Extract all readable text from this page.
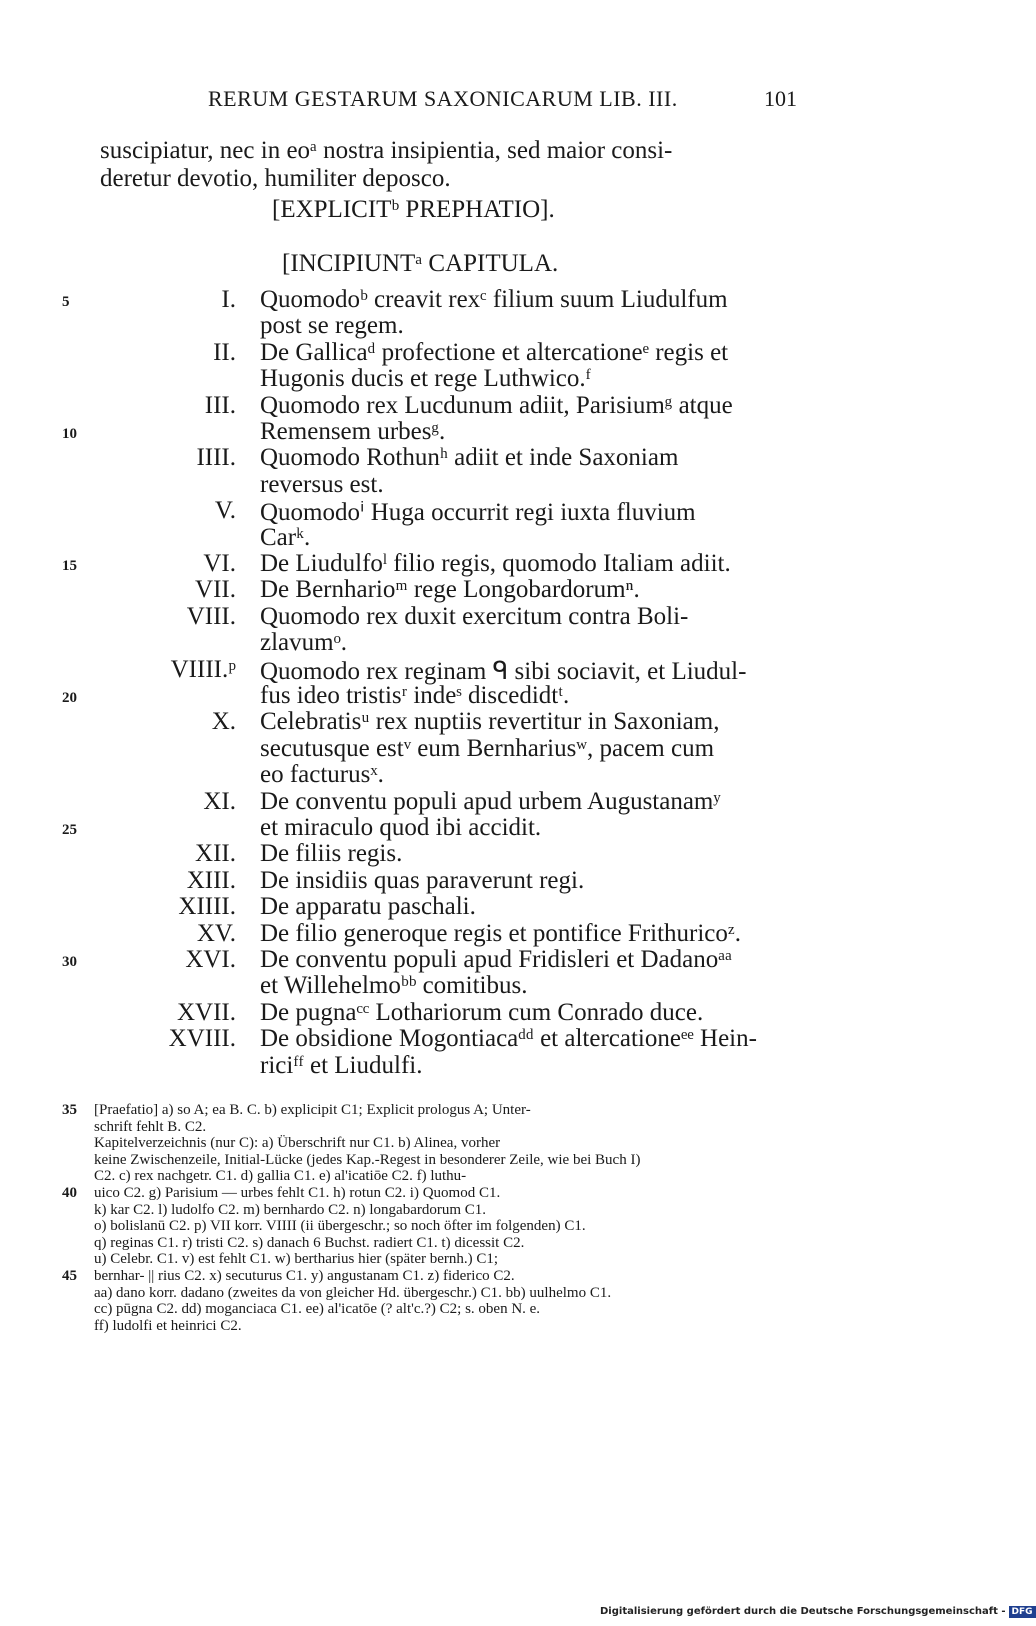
RERUM GESTARUM SAXONICARUM LIB. III.	101
suscipiatur, nec in eoᵃ nostra insipientia, sed maior consi-
deretur devotio, humiliter deposco.
[EXPLICITᵇ PREPHATIO].
[INCIPIUNTᵃ CAPITULA.
5	I. Quomodoᵇ creavit rexᶜ filium suum Liudulfum
post se regem.
II. De Gallicaᵈ profectione et altercationeᵉ regis et
Hugonis ducis et rege Luthwico.ᶠ
III. Quomodo rex Lucdunum adiit, Parisiumᵍ atque
10	Remensem urbesᵍ.
IIII. Quomodo Rothunʰ adiit et inde Saxoniam
reversus est.
V. Quomodoⁱ Huga occurrit regi iuxta fluvium
Carᵏ.
15	VI. De Liudulfoˡ filio regis, quomodo Italiam adiit.
VII. De Bernharioᵐ rege Longobardorumⁿ.
VIII. Quomodo rex duxit exercitum contra Boli-
zlavumᵒ.
VIIII.ᵖ Quomodo rex reginam ᑫ sibi sociavit, et Liudul-
20	fus ideo tristisʳ indeˢ discedidtᵗ.
X. Celebratisᵘ rex nuptiis revertitur in Saxoniam,
secutusque estᵛ eum Bernhariusʷ, pacem cum
eo facturusˣ.
XI. De conventu populi apud urbem Augustanamʸ
25	et miraculo quod ibi accidit.
XII. De filiis regis.
XIII. De insidiis quas paraverunt regi.
XIIII. De apparatu paschali.
XV. De filio generoque regis et pontifice Frithuricoᶻ.
30	XVI. De conventu populi apud Fridisleri et Dadanoᵃᵃ
et Willehelmoᵇᵇ comitibus.
XVII. De pugnaᶜᶜ Lothariorum cum Conrado duce.
XVIII. De obsidione Mogontiacaᵈᵈ et altercationeᵉᵉ Hein-
riciᶠᶠ et Liudulfi.
35 [Praefatio] a) so A; ea B. C. b) explicipit C1; Explicit prologus A; Unter-
schrift fehlt B. C2.
Kapitelverzeichnis (nur C): a) Überschrift nur C1. b) Alinea, vorher
keine Zwischenzeile, Initial-Lücke (jedes Kap.-Regest in besonderer Zeile, wie bei Buch I)
C2. c) rex nachgetr. C1. d) gallia C1. e) al'icatiōe C2. f) luthu-
40 uico C2. g) Parisium — urbes fehlt C1. h) rotun C2. i) Quomod C1.
k) kar C2. l) ludolfo C2. m) bernhardo C2. n) longabardorum C1.
o) bolislanū C2. p) VII korr. VIIII (ii übergeschr.; so noch öfter im folgenden) C1.
q) reginas C1. r) tristi C2. s) danach 6 Buchst. radiert C1. t) dicessit C2.
u) Celebr. C1. v) est fehlt C1. w) bertharius hier (später bernh.) C1;
45 bernhar- || rius C2. x) secuturus C1. y) angustanam C1. z) fiderico C2.
aa) dano korr. dadano (zweites da von gleicher Hd. übergeschr.) C1. bb) uulhelmo C1.
cc) pūgna C2. dd) moganciaca C1. ee) al'icatōe (? alt'c.?) C2; s. oben N. e.
ff) ludolfi et heinrici C2.
Digitalisierung gefördert durch die Deutsche Forschungsgemeinschaft - DFG
